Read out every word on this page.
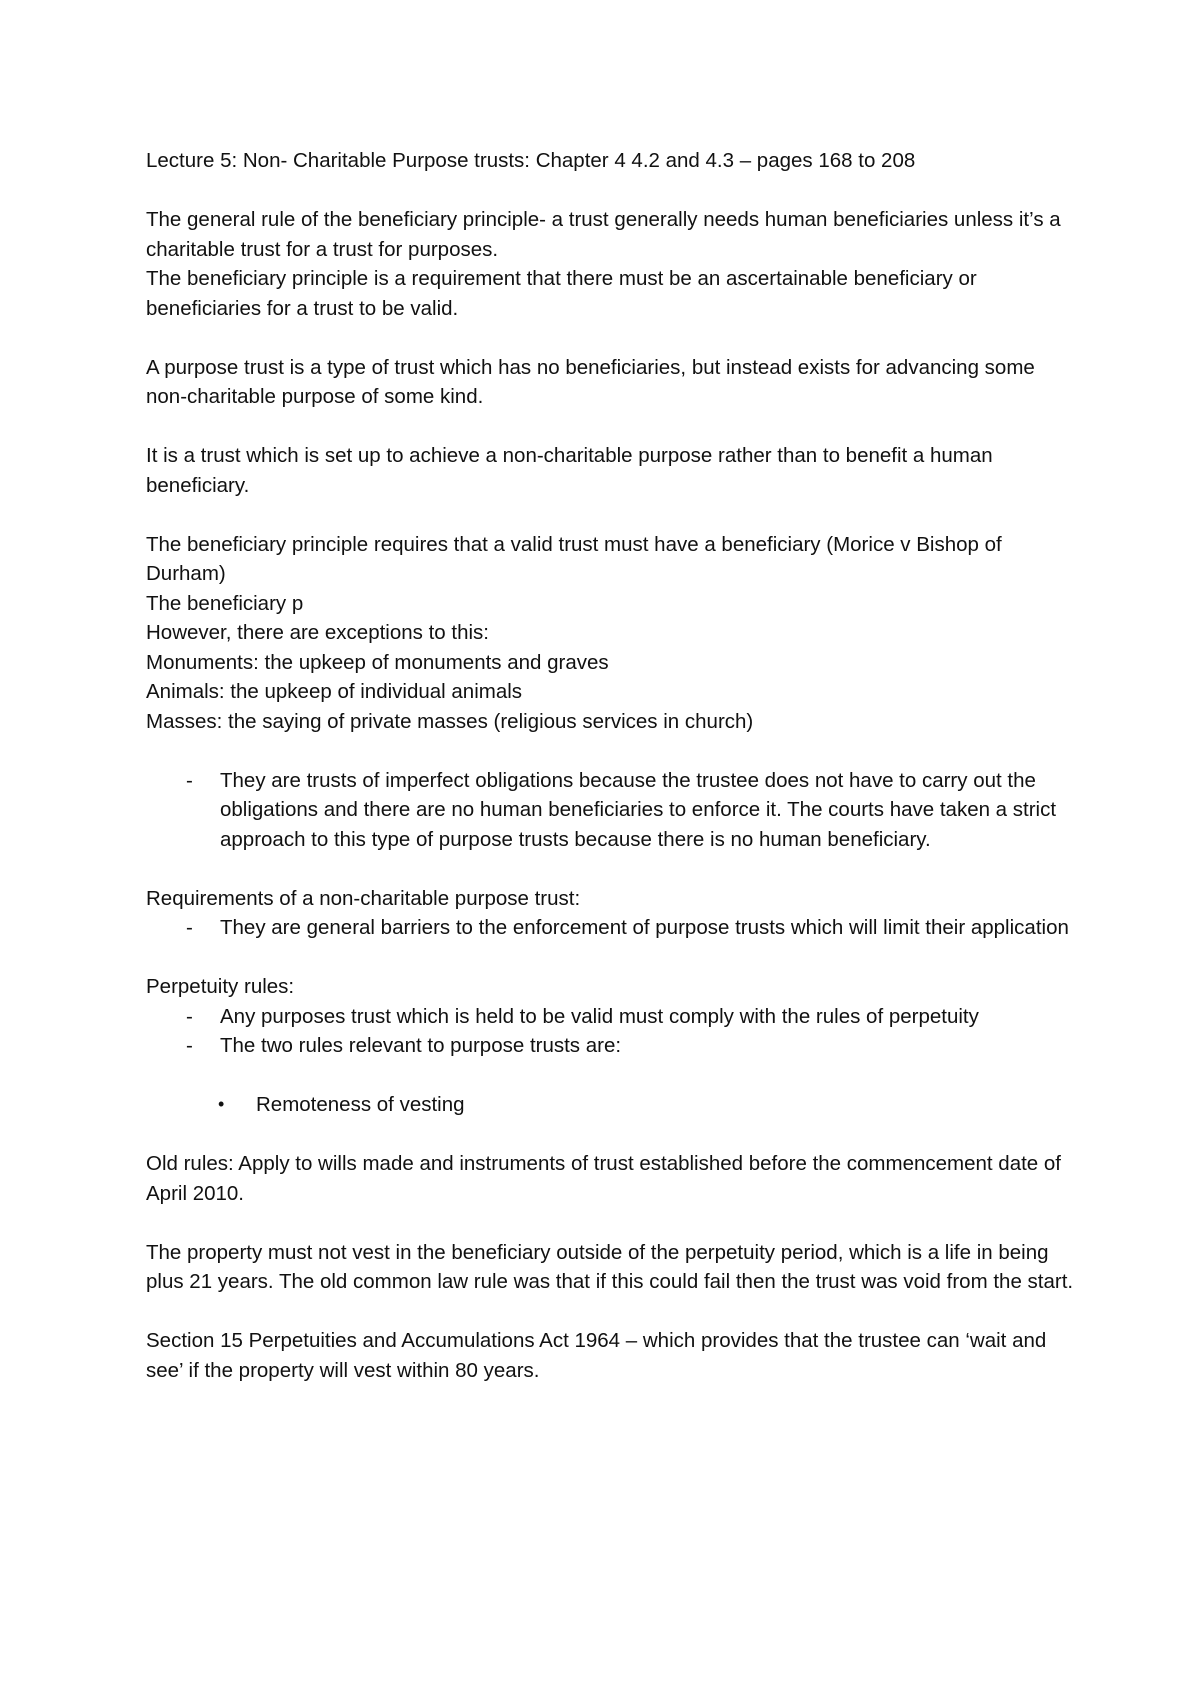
Lecture 5: Non- Charitable Purpose trusts: Chapter 4 4.2 and 4.3 – pages 168 to 208

The general rule of the beneficiary principle- a trust generally needs human beneficiaries unless it’s a charitable trust for a trust for purposes.

The beneficiary principle is a requirement that there must be an ascertainable beneficiary or beneficiaries for a trust to be valid.

A purpose trust is a type of trust which has no beneficiaries, but instead exists for advancing some non-charitable purpose of some kind.

It is a trust which is set up to achieve a non-charitable purpose rather than to benefit a human beneficiary.

The beneficiary principle requires that a valid trust must have a beneficiary (Morice v Bishop of Durham)

The beneficiary p

However, there are exceptions to this:

Monuments: the upkeep of monuments and graves

Animals: the upkeep of individual animals

Masses: the saying of private masses (religious services in church)

- They are trusts of imperfect obligations because the trustee does not have to carry out the obligations and there are no human beneficiaries to enforce it. The courts have taken a strict approach to this type of purpose trusts because there is no human beneficiary.

Requirements of a non-charitable purpose trust:

- They are general barriers to the enforcement of purpose trusts which will limit their application

Perpetuity rules:

- Any purposes trust which is held to be valid must comply with the rules of perpetuity
- The two rules relevant to purpose trusts are:
• Remoteness of vesting

Old rules: Apply to wills made and instruments of trust established before the commencement date of April 2010.

The property must not vest in the beneficiary outside of the perpetuity period, which is a life in being plus 21 years. The old common law rule was that if this could fail then the trust was void from the start.

Section 15 Perpetuities and Accumulations Act 1964 – which provides that the trustee can ‘wait and see’ if the property will vest within 80 years.
